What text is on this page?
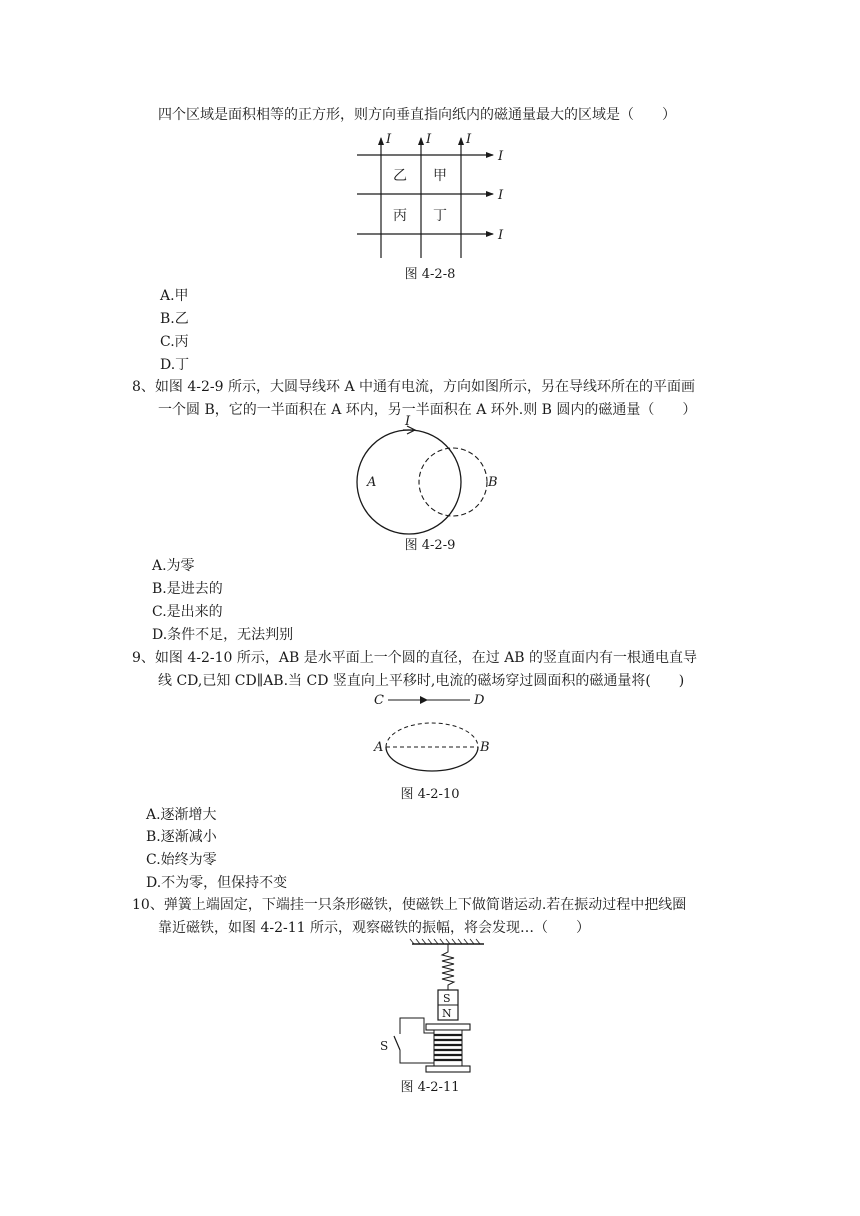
四个区域是面积相等的正方形，则方向垂直指向纸内的磁通量最大的区域是（　　）
I	I	I
I
I
I
乙 甲
丙 丁
图 4-2-8
A.甲
B.乙
C.丙
D.丁
8、如图 4-2-9 所示，大圆导线环 A 中通有电流，方向如图所示，另在导线环所在的平面画
一个圆 B，它的一半面积在 A 环内，另一半面积在 A 环外.则 B 圆内的磁通量（　　）
I
A	B
图 4-2-9
A.为零
B.是进去的
C.是出来的
D.条件不足，无法判别
9、如图 4-2-10 所示，AB 是水平面上一个圆的直径，在过 AB 的竖直面内有一根通电直导
线 CD,已知 CD∥AB.当 CD 竖直向上平移时,电流的磁场穿过圆面积的磁通量将(　　)
C	D
A	B
图 4-2-10
A.逐渐增大
B.逐渐减小
C.始终为零
D.不为零，但保持不变
10、弹簧上端固定，下端挂一只条形磁铁，使磁铁上下做简谐运动.若在振动过程中把线圈
靠近磁铁，如图 4-2-11 所示，观察磁铁的振幅，将会发现…（　　）
S
N
S
图 4-2-11
